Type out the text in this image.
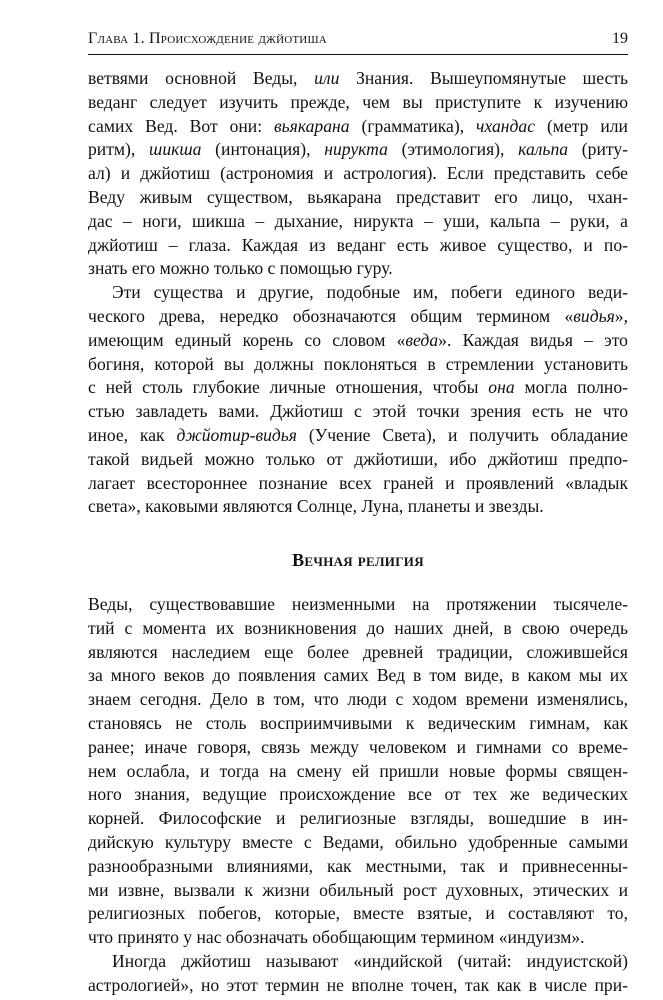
Глава 1. Происхождение джйотиша	19
ветвями основной Веды, или Знания. Вышеупомянутые шесть
веданг следует изучить прежде, чем вы приступите к изучению
самих Вед. Вот они: вьякарана (грамматика), чхандас (метр или
ритм), шикша (интонация), нирукта (этимология), кальпа (риту-
ал) и джйотиш (астрономия и астрология). Если представить себе
Веду живым существом, вьякарана представит его лицо, чхан-
дас – ноги, шикша – дыхание, нирукта – уши, кальпа – руки, а
джйотиш – глаза. Каждая из веданг есть живое существо, и по-
знать его можно только с помощью гуру.
Эти существа и другие, подобные им, побеги единого веди-
ческого древа, нередко обозначаются общим термином «видья»,
имеющим единый корень со словом «веда». Каждая видья – это
богиня, которой вы должны поклоняться в стремлении установить
с ней столь глубокие личные отношения, чтобы она могла полно-
стью завладеть вами. Джйотиш с этой точки зрения есть не что
иное, как джйотир-видья (Учение Света), и получить обладание
такой видьей можно только от джйотиши, ибо джйотиш предпо-
лагает всестороннее познание всех граней и проявлений «владык
света», каковыми являются Солнце, Луна, планеты и звезды.
Вечная религия
Веды, существовавшие неизменными на протяжении тысячеле-
тий с момента их возникновения до наших дней, в свою очередь
являются наследием еще более древней традиции, сложившейся
за много веков до появления самих Вед в том виде, в каком мы их
знаем сегодня. Дело в том, что люди с ходом времени изменялись,
становясь не столь восприимчивыми к ведическим гимнам, как
ранее; иначе говоря, связь между человеком и гимнами со време-
нем ослабла, и тогда на смену ей пришли новые формы священ-
ного знания, ведущие происхождение все от тех же ведических
корней. Философские и религиозные взгляды, вошедшие в ин-
дийскую культуру вместе с Ведами, обильно удобренные самыми
разнообразными влияниями, как местными, так и привнесенны-
ми извне, вызвали к жизни обильный рост духовных, этических и
религиозных побегов, которые, вместе взятые, и составляют то,
что принято у нас обозначать обобщающим термином «индуизм».
Иногда джйотиш называют «индийской (читай: индуистской)
астрологией», но этот термин не вполне точен, так как в числе при-
